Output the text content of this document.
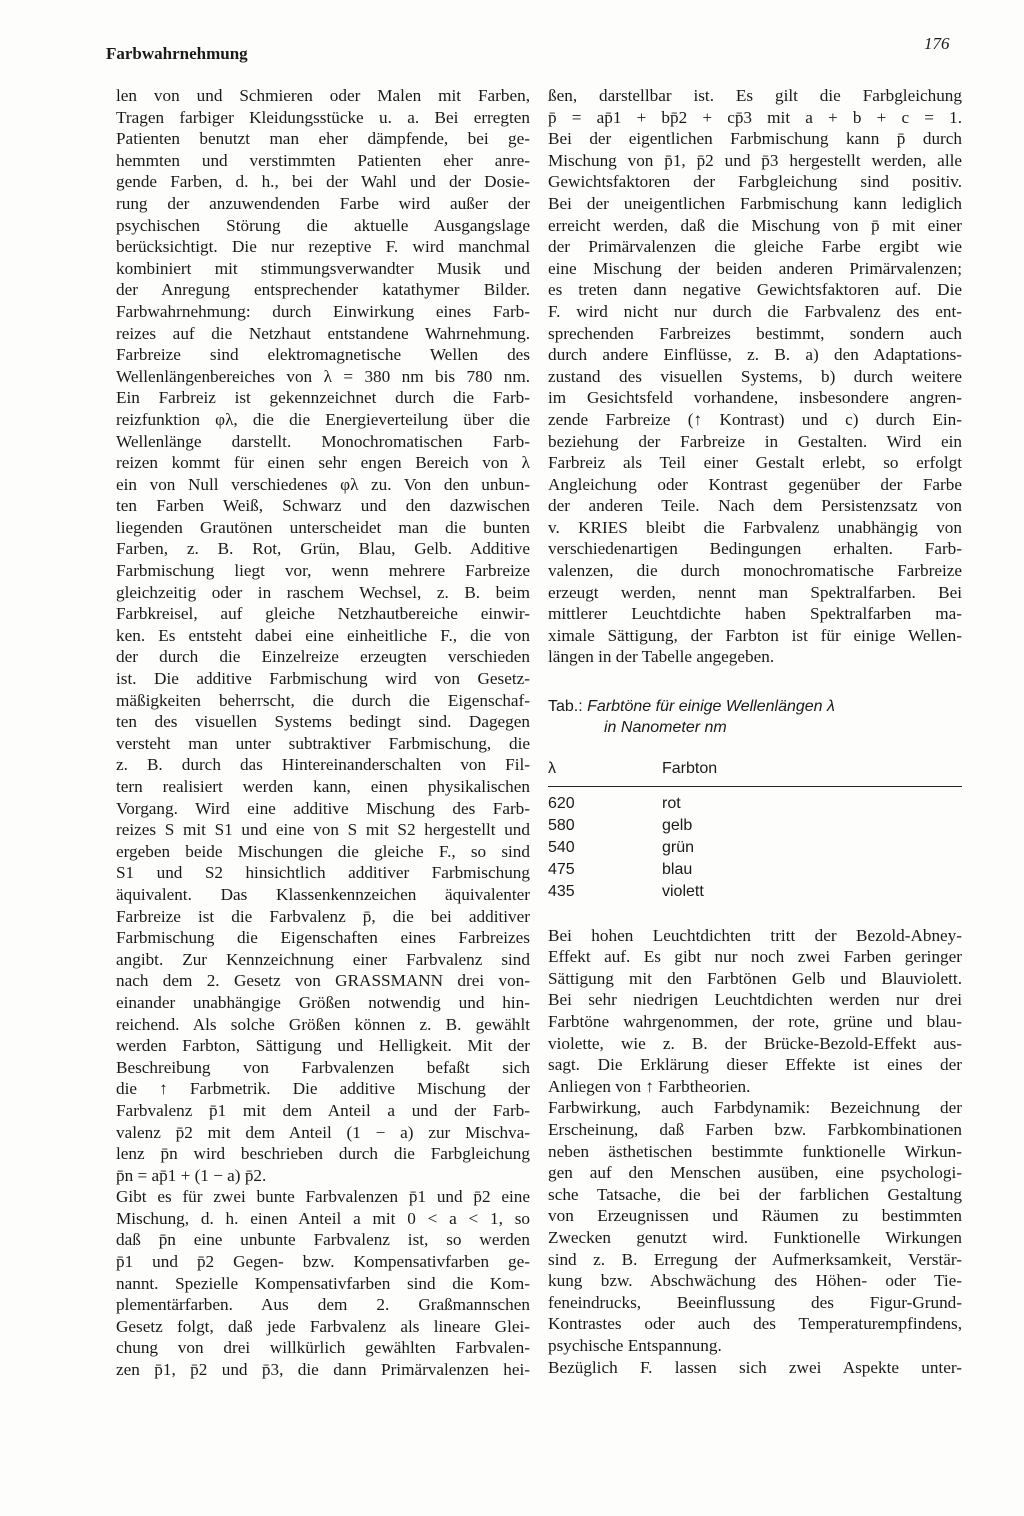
Farbwahrnehmung
176
len von und Schmieren oder Malen mit Farben,
Tragen farbiger Kleidungsstücke u. a. Bei erregten
Patienten benutzt man eher dämpfende, bei ge-
hemmten und verstimmten Patienten eher anre-
gende Farben, d. h., bei der Wahl und der Dosie-
rung der anzuwendenden Farbe wird außer der
psychischen Störung die aktuelle Ausgangslage
berücksichtigt. Die nur rezeptive F. wird manchmal
kombiniert mit stimmungsverwandter Musik und
der Anregung entsprechender katathymer Bilder.
Farbwahrnehmung: durch Einwirkung eines Farb-
reizes auf die Netzhaut entstandene Wahrnehmung.
Farbreize sind elektromagnetische Wellen des
Wellenlängenbereiches von λ = 380 nm bis 780 nm.
Ein Farbreiz ist gekennzeichnet durch die Farb-
reizfunktion φλ, die die Energieverteilung über die
Wellenlänge darstellt. Monochromatischen Farb-
reizen kommt für einen sehr engen Bereich von λ
ein von Null verschiedenes φλ zu. Von den unbun-
ten Farben Weiß, Schwarz und den dazwischen
liegenden Grautönen unterscheidet man die bunten
Farben, z. B. Rot, Grün, Blau, Gelb. Additive
Farbmischung liegt vor, wenn mehrere Farbreize
gleichzeitig oder in raschem Wechsel, z. B. beim
Farbkreisel, auf gleiche Netzhautbereiche einwir-
ken. Es entsteht dabei eine einheitliche F., die von
der durch die Einzelreize erzeugten verschieden
ist. Die additive Farbmischung wird von Gesetz-
mäßigkeiten beherrscht, die durch die Eigenschaf-
ten des visuellen Systems bedingt sind. Dagegen
versteht man unter subtraktiver Farbmischung, die
z. B. durch das Hintereinanderschalten von Fil-
tern realisiert werden kann, einen physikalischen
Vorgang. Wird eine additive Mischung des Farb-
reizes S mit S1 und eine von S mit S2 hergestellt und
ergeben beide Mischungen die gleiche F., so sind
S1 und S2 hinsichtlich additiver Farbmischung
äquivalent. Das Klassenkennzeichen äquivalenter
Farbreize ist die Farbvalenz p̄, die bei additiver
Farbmischung die Eigenschaften eines Farbreizes
angibt. Zur Kennzeichnung einer Farbvalenz sind
nach dem 2. Gesetz von GRASSMANN drei von-
einander unabhängige Größen notwendig und hin-
reichend. Als solche Größen können z. B. gewählt
werden Farbton, Sättigung und Helligkeit. Mit der
Beschreibung von Farbvalenzen befaßt sich
die ↑ Farbmetrik. Die additive Mischung der
Farbvalenz p̄1 mit dem Anteil a und der Farb-
valenz p̄2 mit dem Anteil (1 − a) zur Mischva-
lenz p̄n wird beschrieben durch die Farbgleichung
p̄n = ap̄1 + (1 − a) p̄2.
Gibt es für zwei bunte Farbvalenzen p̄1 und p̄2 eine
Mischung, d. h. einen Anteil a mit 0 < a < 1, so
daß p̄n eine unbunte Farbvalenz ist, so werden
p̄1 und p̄2 Gegen- bzw. Kompensativfarben ge-
nannt. Spezielle Kompensativfarben sind die Kom-
plementärfarben. Aus dem 2. Graßmannschen
Gesetz folgt, daß jede Farbvalenz als lineare Glei-
chung von drei willkürlich gewählten Farbvalen-
zen p̄1, p̄2 und p̄3, die dann Primärvalenzen hei-
ßen, darstellbar ist. Es gilt die Farbgleichung
p̄ = ap̄1 + bp̄2 + cp̄3 mit a + b + c = 1.
Bei der eigentlichen Farbmischung kann p̄ durch
Mischung von p̄1, p̄2 und p̄3 hergestellt werden, alle
Gewichtsfaktoren der Farbgleichung sind positiv.
Bei der uneigentlichen Farbmischung kann lediglich
erreicht werden, daß die Mischung von p̄ mit einer
der Primärvalenzen die gleiche Farbe ergibt wie
eine Mischung der beiden anderen Primärvalenzen;
es treten dann negative Gewichtsfaktoren auf. Die
F. wird nicht nur durch die Farbvalenz des ent-
sprechenden Farbreizes bestimmt, sondern auch
durch andere Einflüsse, z. B. a) den Adaptations-
zustand des visuellen Systems, b) durch weitere
im Gesichtsfeld vorhandene, insbesondere angren-
zende Farbreize (↑ Kontrast) und c) durch Ein-
beziehung der Farbreize in Gestalten. Wird ein
Farbreiz als Teil einer Gestalt erlebt, so erfolgt
Angleichung oder Kontrast gegenüber der Farbe
der anderen Teile. Nach dem Persistenzsatz von
v. KRIES bleibt die Farbvalenz unabhängig von
verschiedenartigen Bedingungen erhalten. Farb-
valenzen, die durch monochromatische Farbreize
erzeugt werden, nennt man Spektralfarben. Bei
mittlerer Leuchtdichte haben Spektralfarben ma-
ximale Sättigung, der Farbton ist für einige Wellen-
längen in der Tabelle angegeben.
Tab.: Farbtöne für einige Wellenlängen λ
in Nanometer nm
λ	Farbton
620	rot
580	gelb
540	grün
475	blau
435	violett
Bei hohen Leuchtdichten tritt der Bezold-Abney-
Effekt auf. Es gibt nur noch zwei Farben geringer
Sättigung mit den Farbtönen Gelb und Blauviolett.
Bei sehr niedrigen Leuchtdichten werden nur drei
Farbtöne wahrgenommen, der rote, grüne und blau-
violette, wie z. B. der Brücke-Bezold-Effekt aus-
sagt. Die Erklärung dieser Effekte ist eines der
Anliegen von ↑ Farbtheorien.
Farbwirkung, auch Farbdynamik: Bezeichnung der
Erscheinung, daß Farben bzw. Farbkombinationen
neben ästhetischen bestimmte funktionelle Wirkun-
gen auf den Menschen ausüben, eine psychologi-
sche Tatsache, die bei der farblichen Gestaltung
von Erzeugnissen und Räumen zu bestimmten
Zwecken genutzt wird. Funktionelle Wirkungen
sind z. B. Erregung der Aufmerksamkeit, Verstär-
kung bzw. Abschwächung des Höhen- oder Tie-
feneindrucks, Beeinflussung des Figur-Grund-
Kontrastes oder auch des Temperaturempfindens,
psychische Entspannung.
Bezüglich F. lassen sich zwei Aspekte unter-
